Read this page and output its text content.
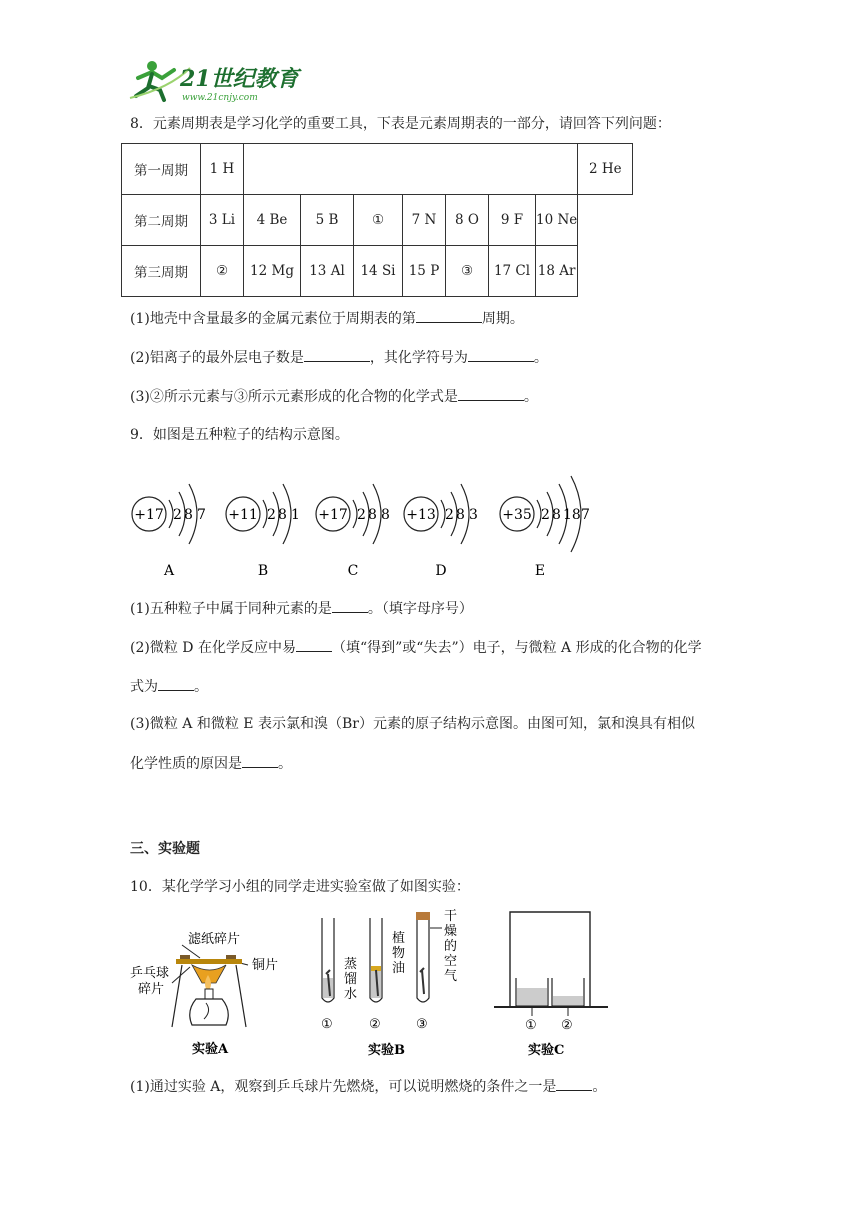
21世纪教育
www.21cnjy.com
8．元素周期表是学习化学的重要工具，下表是元素周期表的一部分，请回答下列问题：
第一周期	1 H								2 He
第二周期	3 Li	4 Be	5 B	①	7 N	8 O	9 F	10 Ne	
第三周期	②	12 Mg	13 Al	14 Si	15 P	③	17 Cl	18 Ar	
(1)地壳中含量最多的金属元素位于周期表的第	周期。
(2)铝离子的最外层电子数是	，其化学符号为	。
(3)②所示元素与③所示元素形成的化合物的化学式是	。
9．如图是五种粒子的结构示意图。
+17 2 8 7
A
+11 2 8 1
B
+17 2 8 8
C
+13 2 8 3
D
+35 2 8 18 7
E
(1)五种粒子中属于同种元素的是	。（填字母序号）
(2)微粒 D 在化学反应中易	（填“得到”或“失去”）电子，与微粒 A 形成的化合物的化学
式为	。
(3)微粒 A 和微粒 E 表示氯和溴（Br）元素的原子结构示意图。由图可知，氯和溴具有相似
化学性质的原因是	。
三、实验题
10．某化学学习小组的同学走进实验室做了如图实验：
滤纸碎片
铜片
乒乓球
碎片
实验A
蒸
馏
水
植
物
油
干
燥
的
空
气
①	②	③
实验B
① ②
实验C
(1)通过实验 A，观察到乒乓球片先燃烧，可以说明燃烧的条件之一是	。
